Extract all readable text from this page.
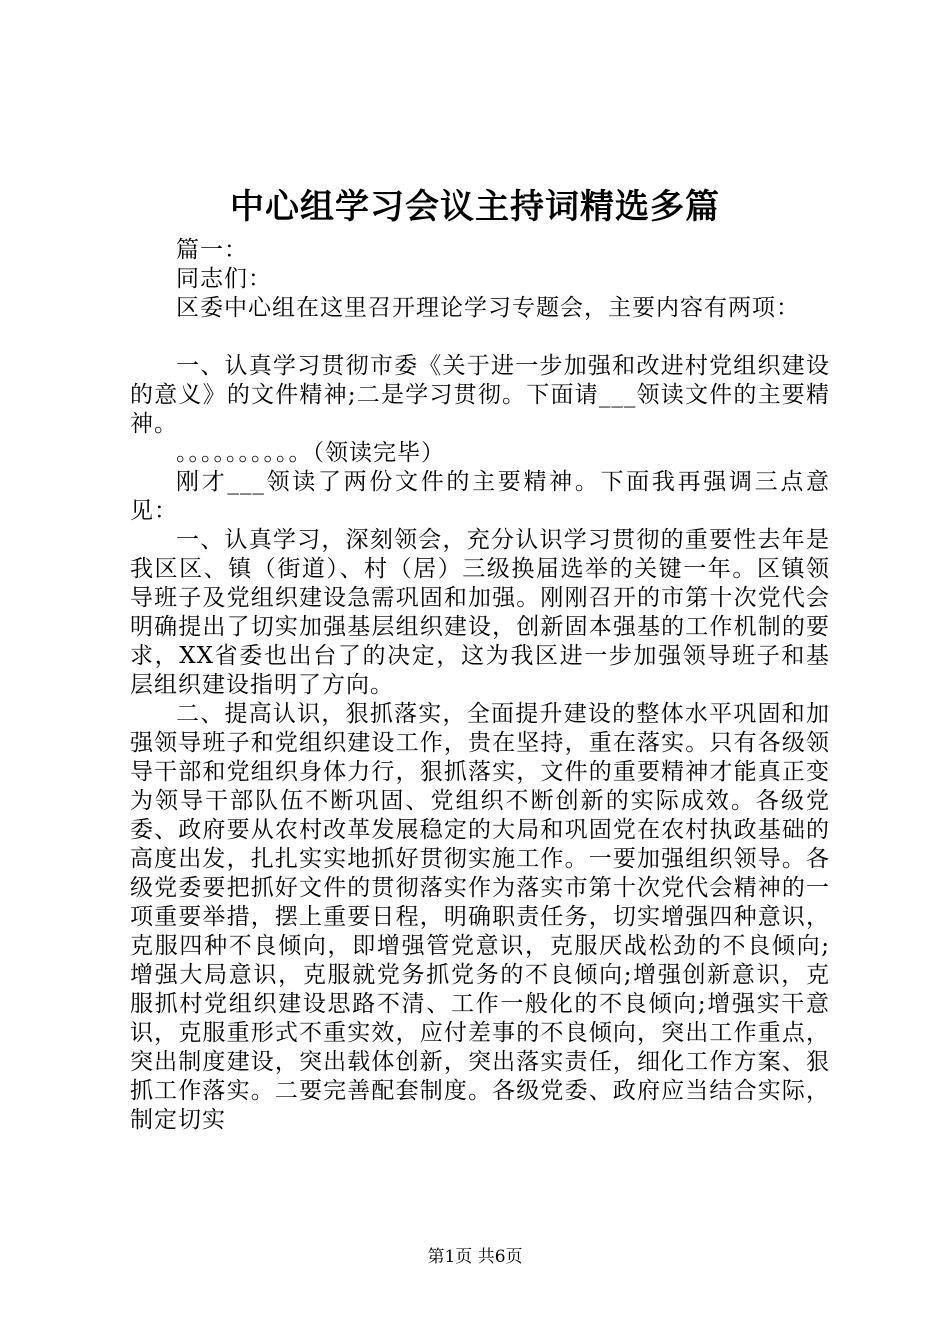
中心组学习会议主持词精选多篇

篇一：

同志们：

区委中心组在这里召开理论学习专题会，主要内容有两项：

一、认真学习贯彻市委《关于进一步加强和改进村党组织建设的意义》的文件精神;二是学习贯彻。下面请___领读文件的主要精神。

。。。。。。。。。。（领读完毕）

刚才___领读了两份文件的主要精神。下面我再强调三点意见：

一、认真学习，深刻领会，充分认识学习贯彻的重要性去年是我区区、镇（街道）、村（居）三级换届选举的关键一年。区镇领导班子及党组织建设急需巩固和加强。刚刚召开的市第十次党代会明确提出了切实加强基层组织建设，创新固本强基的工作机制的要求，XX省委也出台了的决定，这为我区进一步加强领导班子和基层组织建设指明了方向。

二、提高认识，狠抓落实，全面提升建设的整体水平巩固和加强领导班子和党组织建设工作，贵在坚持，重在落实。只有各级领导干部和党组织身体力行，狠抓落实，文件的重要精神才能真正变为领导干部队伍不断巩固、党组织不断创新的实际成效。各级党委、政府要从农村改革发展稳定的大局和巩固党在农村执政基础的高度出发，扎扎实实地抓好贯彻实施工作。一要加强组织领导。各级党委要把抓好文件的贯彻落实作为落实市第十次党代会精神的一项重要举措，摆上重要日程，明确职责任务，切实增强四种意识，克服四种不良倾向，即增强管党意识，克服厌战松劲的不良倾向;增强大局意识，克服就党务抓党务的不良倾向;增强创新意识，克服抓村党组织建设思路不清、工作一般化的不良倾向;增强实干意识，克服重形式不重实效，应付差事的不良倾向，突出工作重点，突出制度建设，突出载体创新，突出落实责任，细化工作方案、狠抓工作落实。二要完善配套制度。各级党委、政府应当结合实际，制定切实

第1页 共6页
